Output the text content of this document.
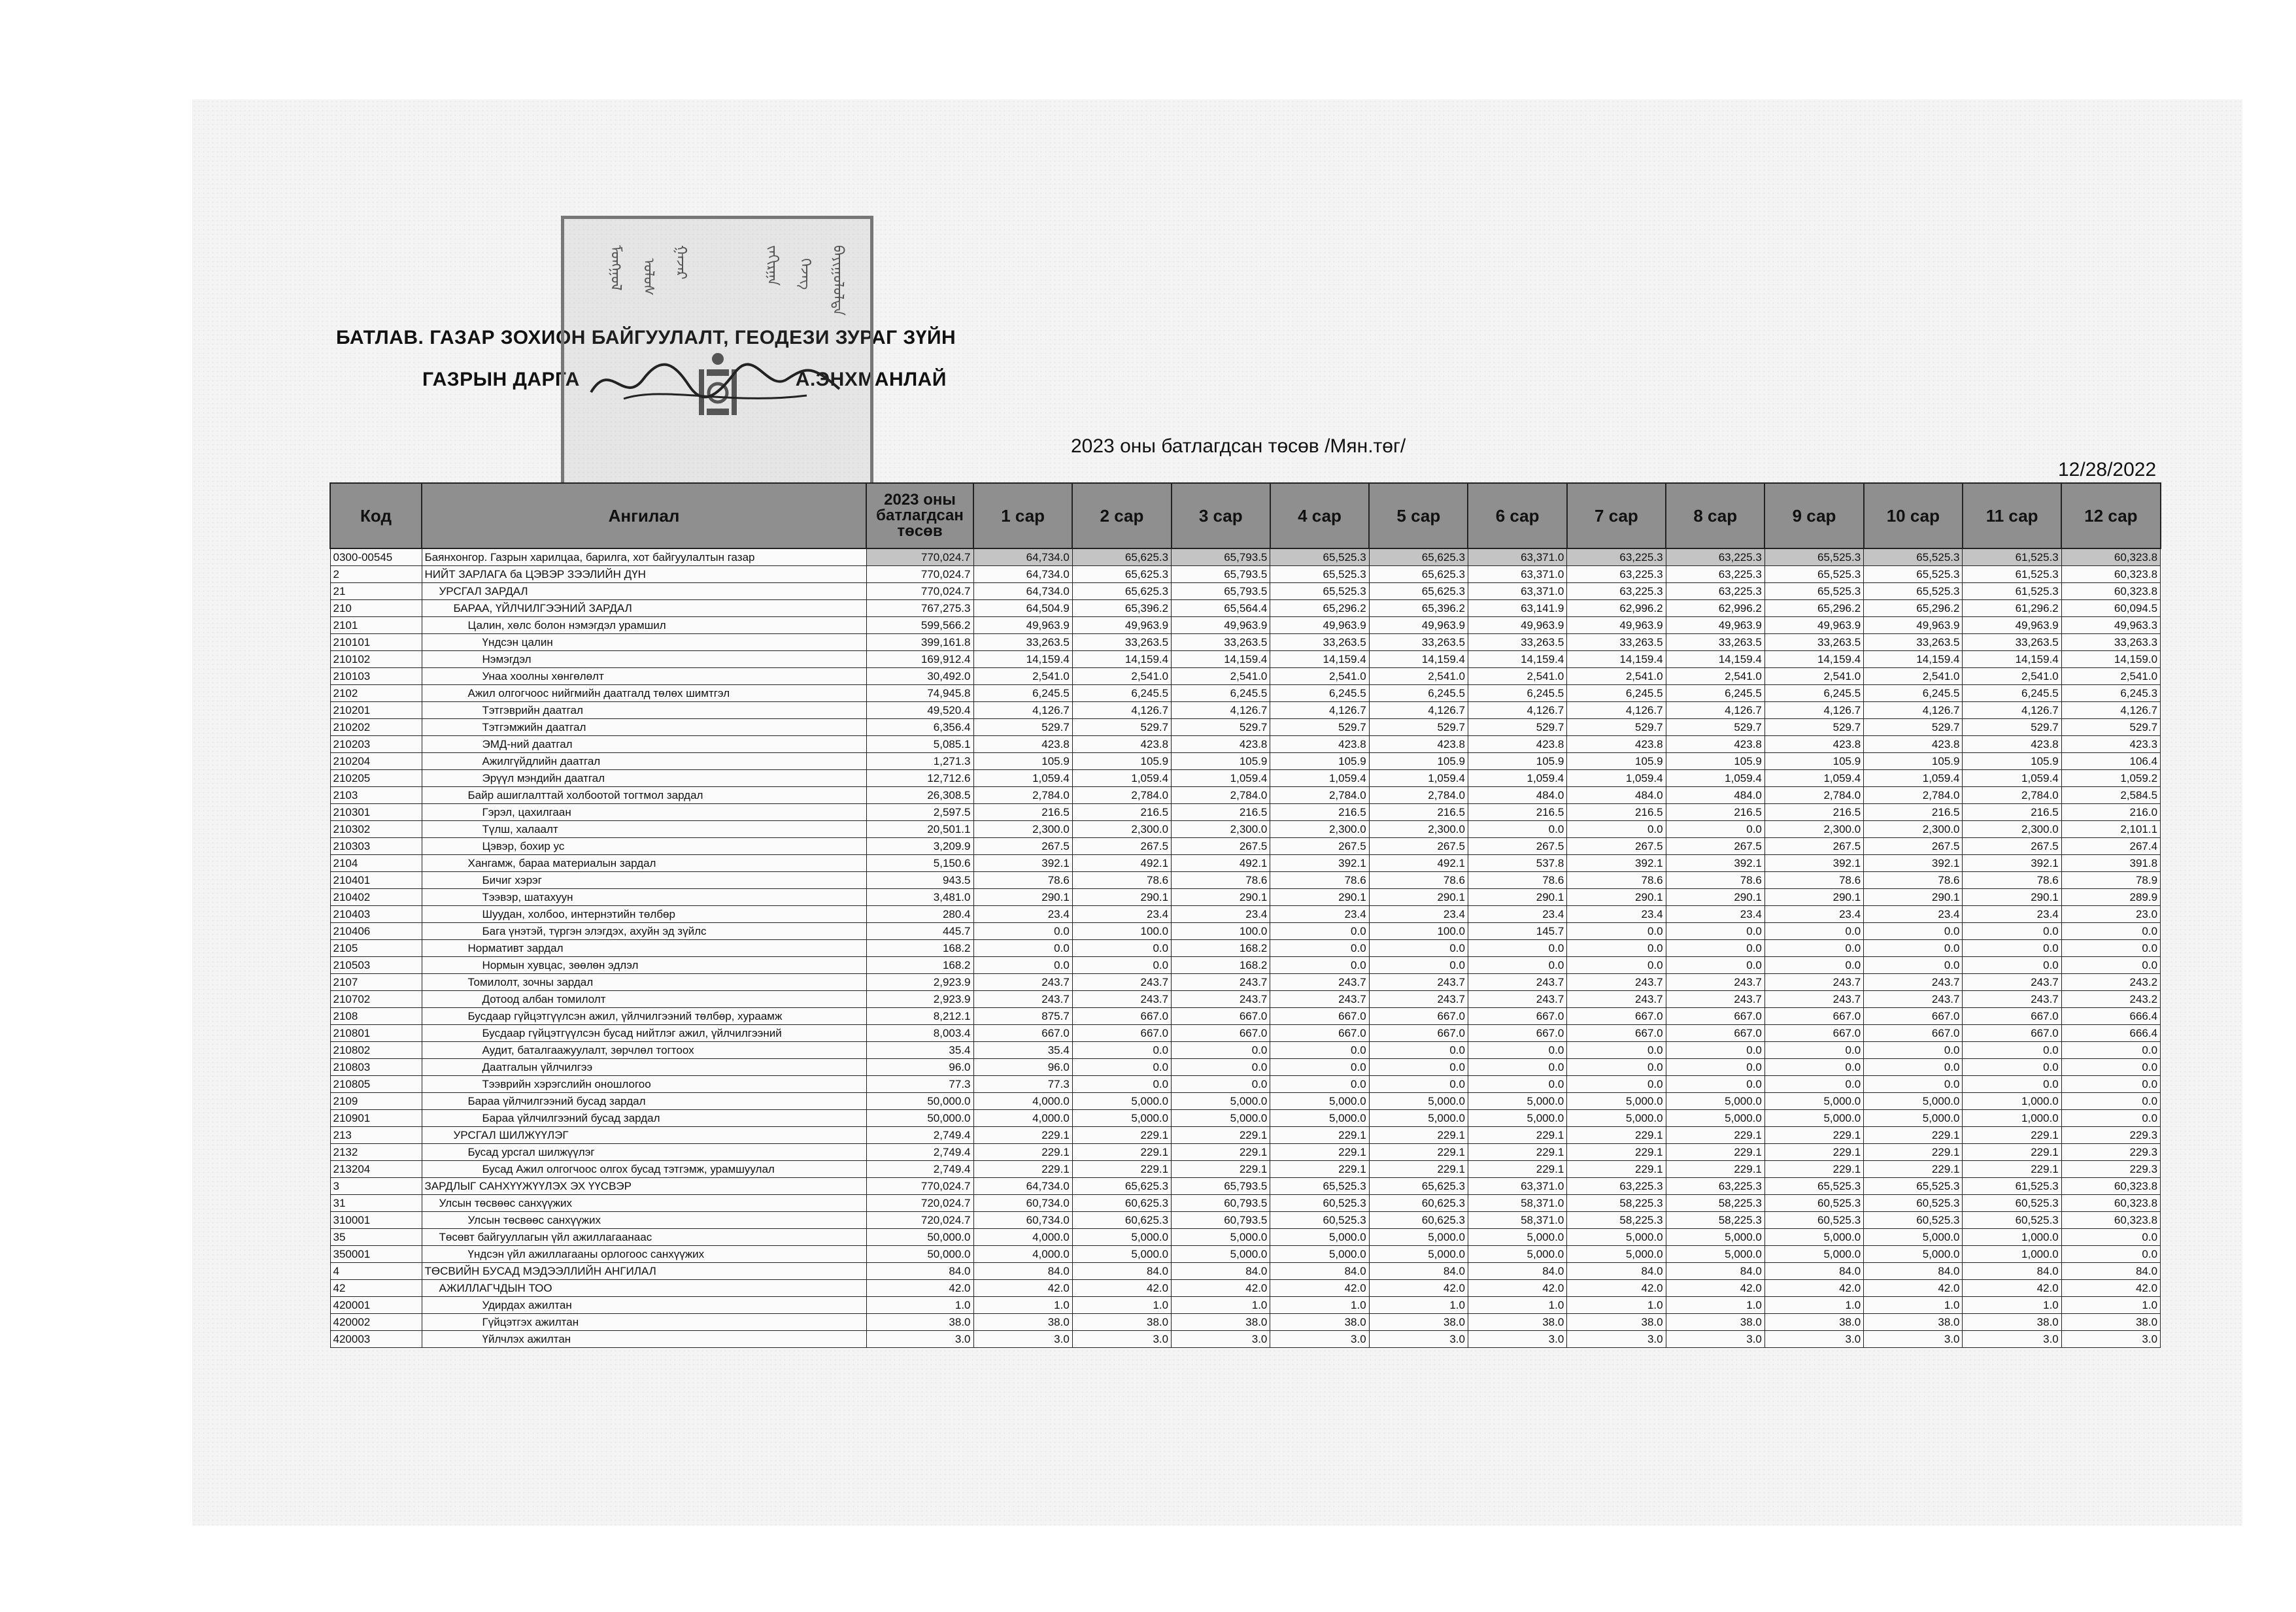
БАТЛАВ. ГАЗАР ЗОХИОН БАЙГУУЛАЛТ, ГЕОДЕЗИ ЗУРАГ ЗҮЙН
ГАЗРЫН ДАРГА	А.ЭНХМАНЛАЙ
ᠮᠣᠩᠭᠣᠯ	ᠤᠯᠤᠰ	ᠭᠠᠵᠠᠷ	ᠵᠠᠬᠢᠷᠭᠠ	ᠭᠡᠵᠡᠭ	ᠪᠠᠶᠢᠭᠤᠯᠤᠯᠲᠠ
2023 оны батлагдсан төсөв /Мян.төг/
12/28/2022
Код	Ангилал	2023 оны батлагдсан төсөв	1 сар	2 сар	3 сар	4 сар	5 сар	6 сар	7 сар	8 сар	9 сар	10 сар	11 сар	12 сар
0300-00545	Баянхонгор. Газрын харилцаа, барилга, хот байгуулалтын газар	770,024.7	64,734.0	65,625.3	65,793.5	65,525.3	65,625.3	63,371.0	63,225.3	63,225.3	65,525.3	65,525.3	61,525.3	60,323.8
2	НИЙТ ЗАРЛАГА ба ЦЭВЭР ЗЭЭЛИЙН ДҮН	770,024.7	64,734.0	65,625.3	65,793.5	65,525.3	65,625.3	63,371.0	63,225.3	63,225.3	65,525.3	65,525.3	61,525.3	60,323.8
21	УРСГАЛ ЗАРДАЛ	770,024.7	64,734.0	65,625.3	65,793.5	65,525.3	65,625.3	63,371.0	63,225.3	63,225.3	65,525.3	65,525.3	61,525.3	60,323.8
210	БАРАА, ҮЙЛЧИЛГЭЭНИЙ ЗАРДАЛ	767,275.3	64,504.9	65,396.2	65,564.4	65,296.2	65,396.2	63,141.9	62,996.2	62,996.2	65,296.2	65,296.2	61,296.2	60,094.5
2101	Цалин, хөлс болон нэмэгдэл урамшил	599,566.2	49,963.9	49,963.9	49,963.9	49,963.9	49,963.9	49,963.9	49,963.9	49,963.9	49,963.9	49,963.9	49,963.9	49,963.3
210101	Үндсэн цалин	399,161.8	33,263.5	33,263.5	33,263.5	33,263.5	33,263.5	33,263.5	33,263.5	33,263.5	33,263.5	33,263.5	33,263.5	33,263.3
210102	Нэмэгдэл	169,912.4	14,159.4	14,159.4	14,159.4	14,159.4	14,159.4	14,159.4	14,159.4	14,159.4	14,159.4	14,159.4	14,159.4	14,159.0
210103	Унаа хоолны хөнгөлөлт	30,492.0	2,541.0	2,541.0	2,541.0	2,541.0	2,541.0	2,541.0	2,541.0	2,541.0	2,541.0	2,541.0	2,541.0	2,541.0
2102	Ажил олгогчоос нийгмийн даатгалд төлөх шимтгэл	74,945.8	6,245.5	6,245.5	6,245.5	6,245.5	6,245.5	6,245.5	6,245.5	6,245.5	6,245.5	6,245.5	6,245.5	6,245.3
210201	Тэтгэврийн даатгал	49,520.4	4,126.7	4,126.7	4,126.7	4,126.7	4,126.7	4,126.7	4,126.7	4,126.7	4,126.7	4,126.7	4,126.7	4,126.7
210202	Тэтгэмжийн даатгал	6,356.4	529.7	529.7	529.7	529.7	529.7	529.7	529.7	529.7	529.7	529.7	529.7	529.7
210203	ЭМД-ний даатгал	5,085.1	423.8	423.8	423.8	423.8	423.8	423.8	423.8	423.8	423.8	423.8	423.8	423.3
210204	Ажилгүйдлийн даатгал	1,271.3	105.9	105.9	105.9	105.9	105.9	105.9	105.9	105.9	105.9	105.9	105.9	106.4
210205	Эрүүл мэндийн даатгал	12,712.6	1,059.4	1,059.4	1,059.4	1,059.4	1,059.4	1,059.4	1,059.4	1,059.4	1,059.4	1,059.4	1,059.4	1,059.2
2103	Байр ашиглалттай холбоотой тогтмол зардал	26,308.5	2,784.0	2,784.0	2,784.0	2,784.0	2,784.0	484.0	484.0	484.0	2,784.0	2,784.0	2,784.0	2,584.5
210301	Гэрэл, цахилгаан	2,597.5	216.5	216.5	216.5	216.5	216.5	216.5	216.5	216.5	216.5	216.5	216.5	216.0
210302	Түлш, халаалт	20,501.1	2,300.0	2,300.0	2,300.0	2,300.0	2,300.0	0.0	0.0	0.0	2,300.0	2,300.0	2,300.0	2,101.1
210303	Цэвэр, бохир ус	3,209.9	267.5	267.5	267.5	267.5	267.5	267.5	267.5	267.5	267.5	267.5	267.5	267.4
2104	Хангамж, бараа материалын зардал	5,150.6	392.1	492.1	492.1	392.1	492.1	537.8	392.1	392.1	392.1	392.1	392.1	391.8
210401	Бичиг хэрэг	943.5	78.6	78.6	78.6	78.6	78.6	78.6	78.6	78.6	78.6	78.6	78.6	78.9
210402	Тээвэр, шатахуун	3,481.0	290.1	290.1	290.1	290.1	290.1	290.1	290.1	290.1	290.1	290.1	290.1	289.9
210403	Шуудан, холбоо, интернэтийн төлбөр	280.4	23.4	23.4	23.4	23.4	23.4	23.4	23.4	23.4	23.4	23.4	23.4	23.0
210406	Бага үнэтэй, түргэн элэгдэх, ахуйн эд зүйлс	445.7	0.0	100.0	100.0	0.0	100.0	145.7	0.0	0.0	0.0	0.0	0.0	0.0
2105	Нормативт зардал	168.2	0.0	0.0	168.2	0.0	0.0	0.0	0.0	0.0	0.0	0.0	0.0	0.0
210503	Нормын хувцас, зөөлөн эдлэл	168.2	0.0	0.0	168.2	0.0	0.0	0.0	0.0	0.0	0.0	0.0	0.0	0.0
2107	Томилолт, зочны зардал	2,923.9	243.7	243.7	243.7	243.7	243.7	243.7	243.7	243.7	243.7	243.7	243.7	243.2
210702	Дотоод албан томилолт	2,923.9	243.7	243.7	243.7	243.7	243.7	243.7	243.7	243.7	243.7	243.7	243.7	243.2
2108	Бусдаар гүйцэтгүүлсэн ажил, үйлчилгээний төлбөр, хураамж	8,212.1	875.7	667.0	667.0	667.0	667.0	667.0	667.0	667.0	667.0	667.0	667.0	666.4
210801	Бусдаар гүйцэтгүүлсэн бусад нийтлэг ажил, үйлчилгээний	8,003.4	667.0	667.0	667.0	667.0	667.0	667.0	667.0	667.0	667.0	667.0	667.0	666.4
210802	Аудит, баталгаажуулалт, зөрчлөл тогтоох	35.4	35.4	0.0	0.0	0.0	0.0	0.0	0.0	0.0	0.0	0.0	0.0	0.0
210803	Даатгалын үйлчилгээ	96.0	96.0	0.0	0.0	0.0	0.0	0.0	0.0	0.0	0.0	0.0	0.0	0.0
210805	Тээврийн хэрэгслийн оношлогоо	77.3	77.3	0.0	0.0	0.0	0.0	0.0	0.0	0.0	0.0	0.0	0.0	0.0
2109	Бараа үйлчилгээний бусад зардал	50,000.0	4,000.0	5,000.0	5,000.0	5,000.0	5,000.0	5,000.0	5,000.0	5,000.0	5,000.0	5,000.0	1,000.0	0.0
210901	Бараа үйлчилгээний бусад зардал	50,000.0	4,000.0	5,000.0	5,000.0	5,000.0	5,000.0	5,000.0	5,000.0	5,000.0	5,000.0	5,000.0	1,000.0	0.0
213	УРСГАЛ ШИЛЖҮҮЛЭГ	2,749.4	229.1	229.1	229.1	229.1	229.1	229.1	229.1	229.1	229.1	229.1	229.1	229.3
2132	Бусад урсгал шилжүүлэг	2,749.4	229.1	229.1	229.1	229.1	229.1	229.1	229.1	229.1	229.1	229.1	229.1	229.3
213204	Бусад Ажил олгогчоос олгох бусад тэтгэмж, урамшуулал	2,749.4	229.1	229.1	229.1	229.1	229.1	229.1	229.1	229.1	229.1	229.1	229.1	229.3
3	ЗАРДЛЫГ САНХҮҮЖҮҮЛЭХ ЭХ ҮҮСВЭР	770,024.7	64,734.0	65,625.3	65,793.5	65,525.3	65,625.3	63,371.0	63,225.3	63,225.3	65,525.3	65,525.3	61,525.3	60,323.8
31	Улсын төсвөөс санхүүжих	720,024.7	60,734.0	60,625.3	60,793.5	60,525.3	60,625.3	58,371.0	58,225.3	58,225.3	60,525.3	60,525.3	60,525.3	60,323.8
310001	Улсын төсвөөс санхүүжих	720,024.7	60,734.0	60,625.3	60,793.5	60,525.3	60,625.3	58,371.0	58,225.3	58,225.3	60,525.3	60,525.3	60,525.3	60,323.8
35	Төсөвт байгууллагын үйл ажиллагаанаас	50,000.0	4,000.0	5,000.0	5,000.0	5,000.0	5,000.0	5,000.0	5,000.0	5,000.0	5,000.0	5,000.0	1,000.0	0.0
350001	Үндсэн үйл ажиллагааны орлогоос санхүүжих	50,000.0	4,000.0	5,000.0	5,000.0	5,000.0	5,000.0	5,000.0	5,000.0	5,000.0	5,000.0	5,000.0	1,000.0	0.0
4	ТӨСВИЙН БУСАД МЭДЭЭЛЛИЙН АНГИЛАЛ	84.0	84.0	84.0	84.0	84.0	84.0	84.0	84.0	84.0	84.0	84.0	84.0	84.0
42	АЖИЛЛАГЧДЫН ТОО	42.0	42.0	42.0	42.0	42.0	42.0	42.0	42.0	42.0	42.0	42.0	42.0	42.0
420001	Удирдах ажилтан	1.0	1.0	1.0	1.0	1.0	1.0	1.0	1.0	1.0	1.0	1.0	1.0	1.0
420002	Гүйцэтгэх ажилтан	38.0	38.0	38.0	38.0	38.0	38.0	38.0	38.0	38.0	38.0	38.0	38.0	38.0
420003	Үйлчлэх ажилтан	3.0	3.0	3.0	3.0	3.0	3.0	3.0	3.0	3.0	3.0	3.0	3.0	3.0
